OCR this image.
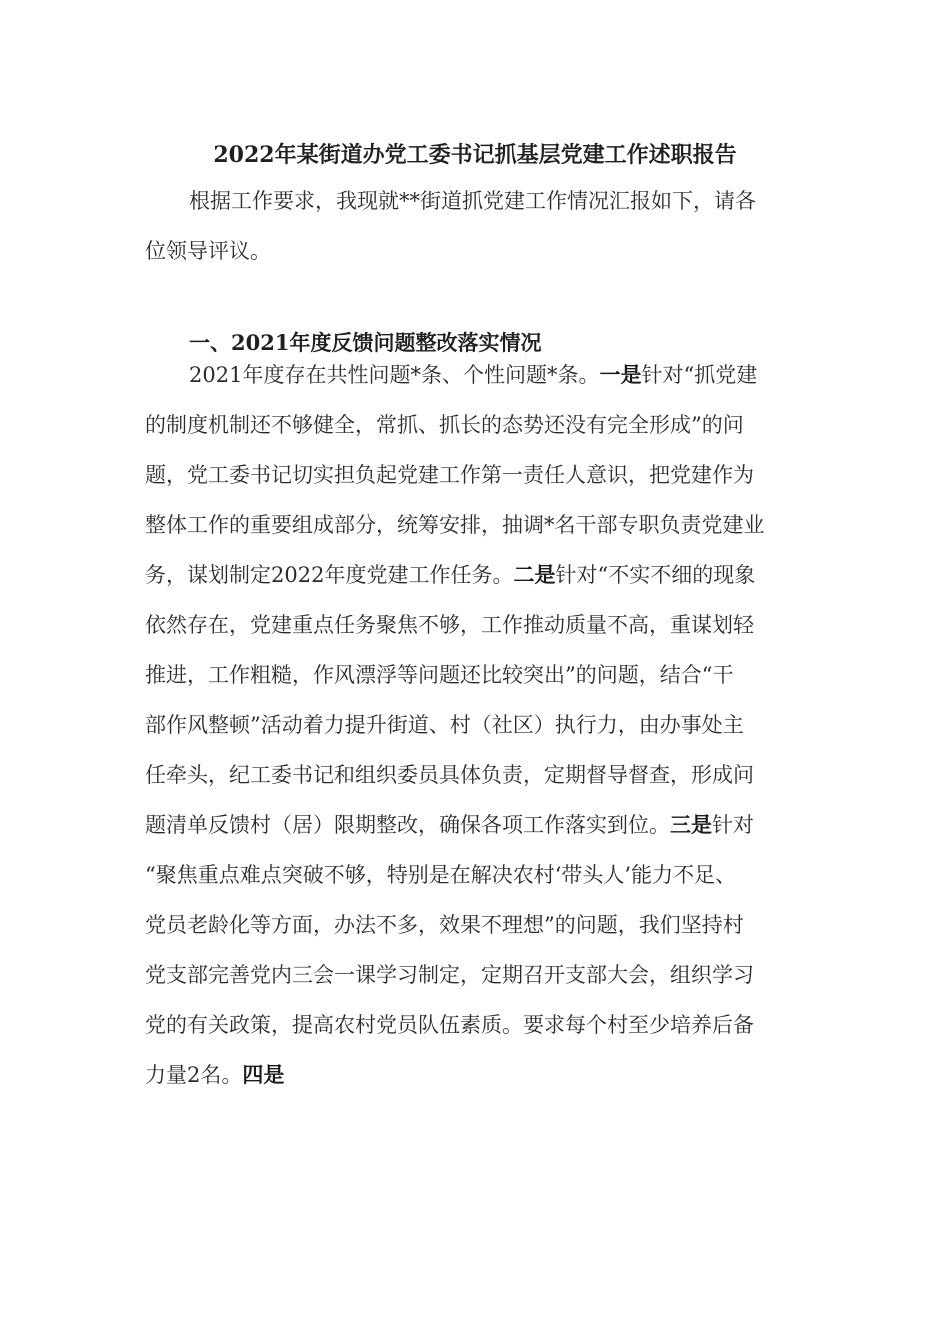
2022年某街道办党工委书记抓基层党建工作述职报告
根据工作要求，我现就**街道抓党建工作情况汇报如下，请各
位领导评议。
一、2021年度反馈问题整改落实情况
2021年度存在共性问题*条、个性问题*条。一是针对“抓党建
的制度机制还不够健全，常抓、抓长的态势还没有完全形成”的问
题，党工委书记切实担负起党建工作第一责任人意识，把党建作为
整体工作的重要组成部分，统筹安排，抽调*名干部专职负责党建业
务，谋划制定2022年度党建工作任务。二是针对“不实不细的现象
依然存在，党建重点任务聚焦不够，工作推动质量不高，重谋划轻
推进，工作粗糙，作风漂浮等问题还比较突出”的问题，结合“干
部作风整顿”活动着力提升街道、村（社区）执行力，由办事处主
任牵头，纪工委书记和组织委员具体负责，定期督导督查，形成问
题清单反馈村（居）限期整改，确保各项工作落实到位。三是针对
“聚焦重点难点突破不够，特别是在解决农村‘带头人’能力不足、
党员老龄化等方面，办法不多，效果不理想”的问题，我们坚持村
党支部完善党内三会一课学习制定，定期召开支部大会，组织学习
党的有关政策，提高农村党员队伍素质。要求每个村至少培养后备
力量2名。四是
